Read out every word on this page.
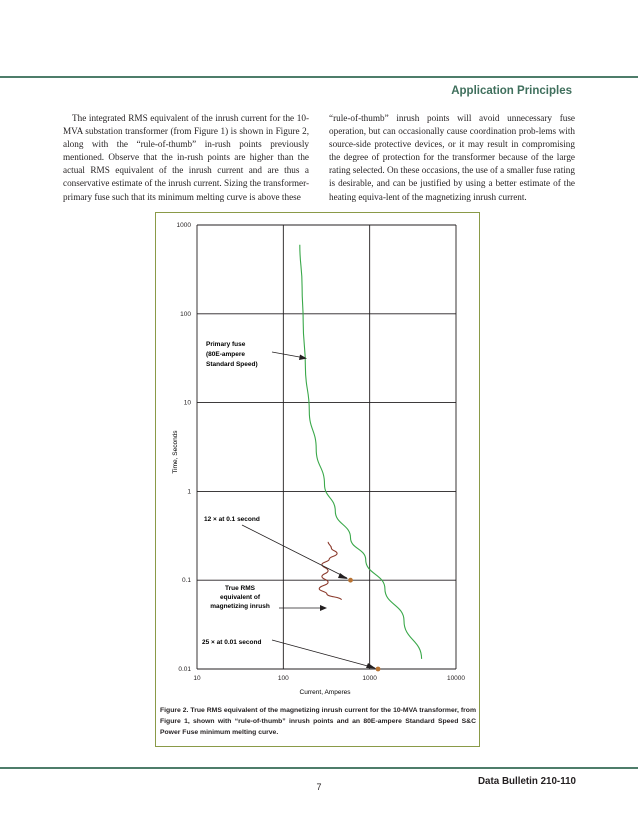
Application Principles
The integrated RMS equivalent of the inrush current for the 10-MVA substation transformer (from Figure 1) is shown in Figure 2, along with the “rule-of-thumb” in-rush points previously mentioned. Observe that the in-rush points are higher than the actual RMS equivalent of the inrush current and are thus a conservative estimate of the inrush current. Sizing the transformer-primary fuse such that its minimum melting curve is above these
“rule-of-thumb” inrush points will avoid unnecessary fuse operation, but can occasionally cause coordination prob-lems with source-side protective devices, or it may result in compromising the degree of protection for the transformer because of the large rating selected. On these occasions, the use of a smaller fuse rating is desirable, and can be justified by using a better estimate of the heating equiva-lent of the magnetizing inrush current.
10	100	1000	10000
0.01
0.1
1
10
100
1000
Primary fuse
(80E-ampere
Standard Speed)
12 × at 0.1 second
True RMS
equivalent of
magnetizing inrush
25 × at 0.01 second
Current, Amperes
Time, Seconds
Figure 2. True RMS equivalent of the magnetizing inrush current for the 10-MVA transformer, from Figure 1, shown with “rule-of-thumb” inrush points and an 80E-ampere Standard Speed S&C Power Fuse minimum melting curve.
Data Bulletin 210-110
7
